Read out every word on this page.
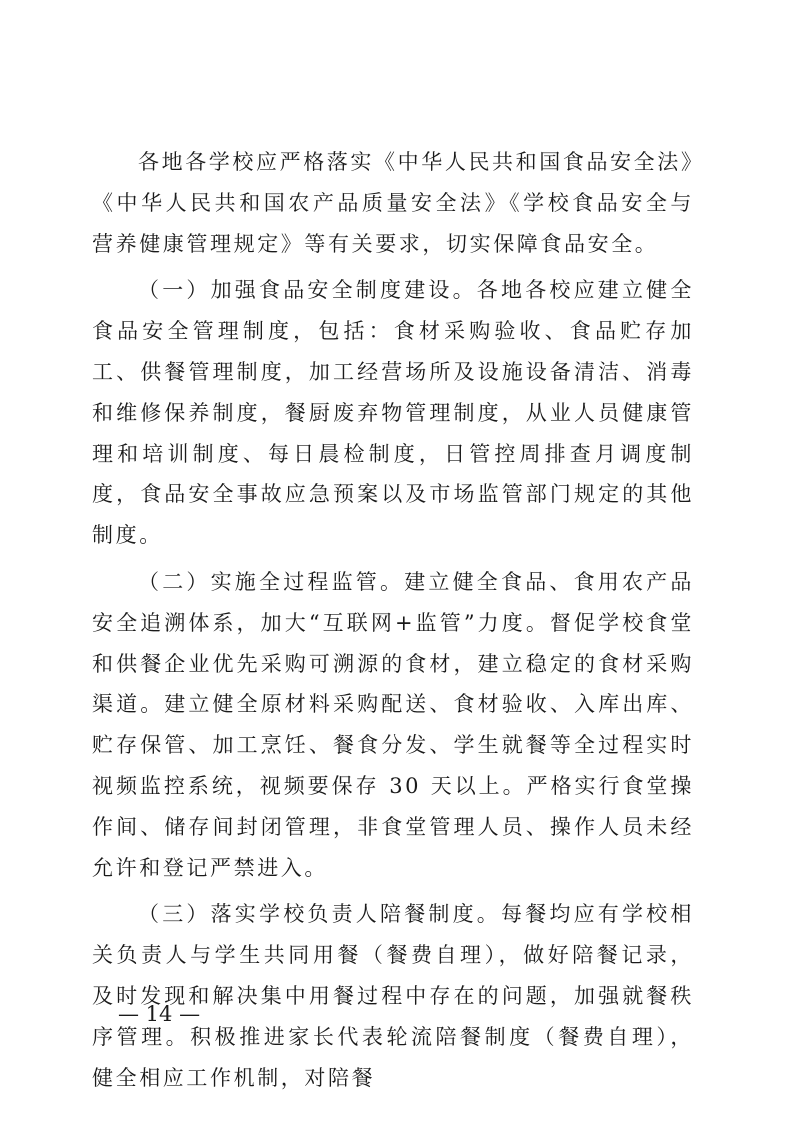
各地各学校应严格落实《中华人民共和国食品安全法》《中华人民共和国农产品质量安全法》《学校食品安全与营养健康管理规定》等有关要求，切实保障食品安全。

（一）加强食品安全制度建设。各地各校应建立健全食品安全管理制度，包括：食材采购验收、食品贮存加工、供餐管理制度，加工经营场所及设施设备清洁、消毒和维修保养制度，餐厨废弃物管理制度，从业人员健康管理和培训制度、每日晨检制度，日管控周排查月调度制度，食品安全事故应急预案以及市场监管部门规定的其他制度。

（二）实施全过程监管。建立健全食品、食用农产品安全追溯体系，加大“互联网+监管”力度。督促学校食堂和供餐企业优先采购可溯源的食材，建立稳定的食材采购渠道。建立健全原材料采购配送、食材验收、入库出库、贮存保管、加工烹饪、餐食分发、学生就餐等全过程实时视频监控系统，视频要保存 30 天以上。严格实行食堂操作间、储存间封闭管理，非食堂管理人员、操作人员未经允许和登记严禁进入。

（三）落实学校负责人陪餐制度。每餐均应有学校相关负责人与学生共同用餐（餐费自理），做好陪餐记录，及时发现和解决集中用餐过程中存在的问题，加强就餐秩序管理。积极推进家长代表轮流陪餐制度（餐费自理），健全相应工作机制，对陪餐

— 14 —
